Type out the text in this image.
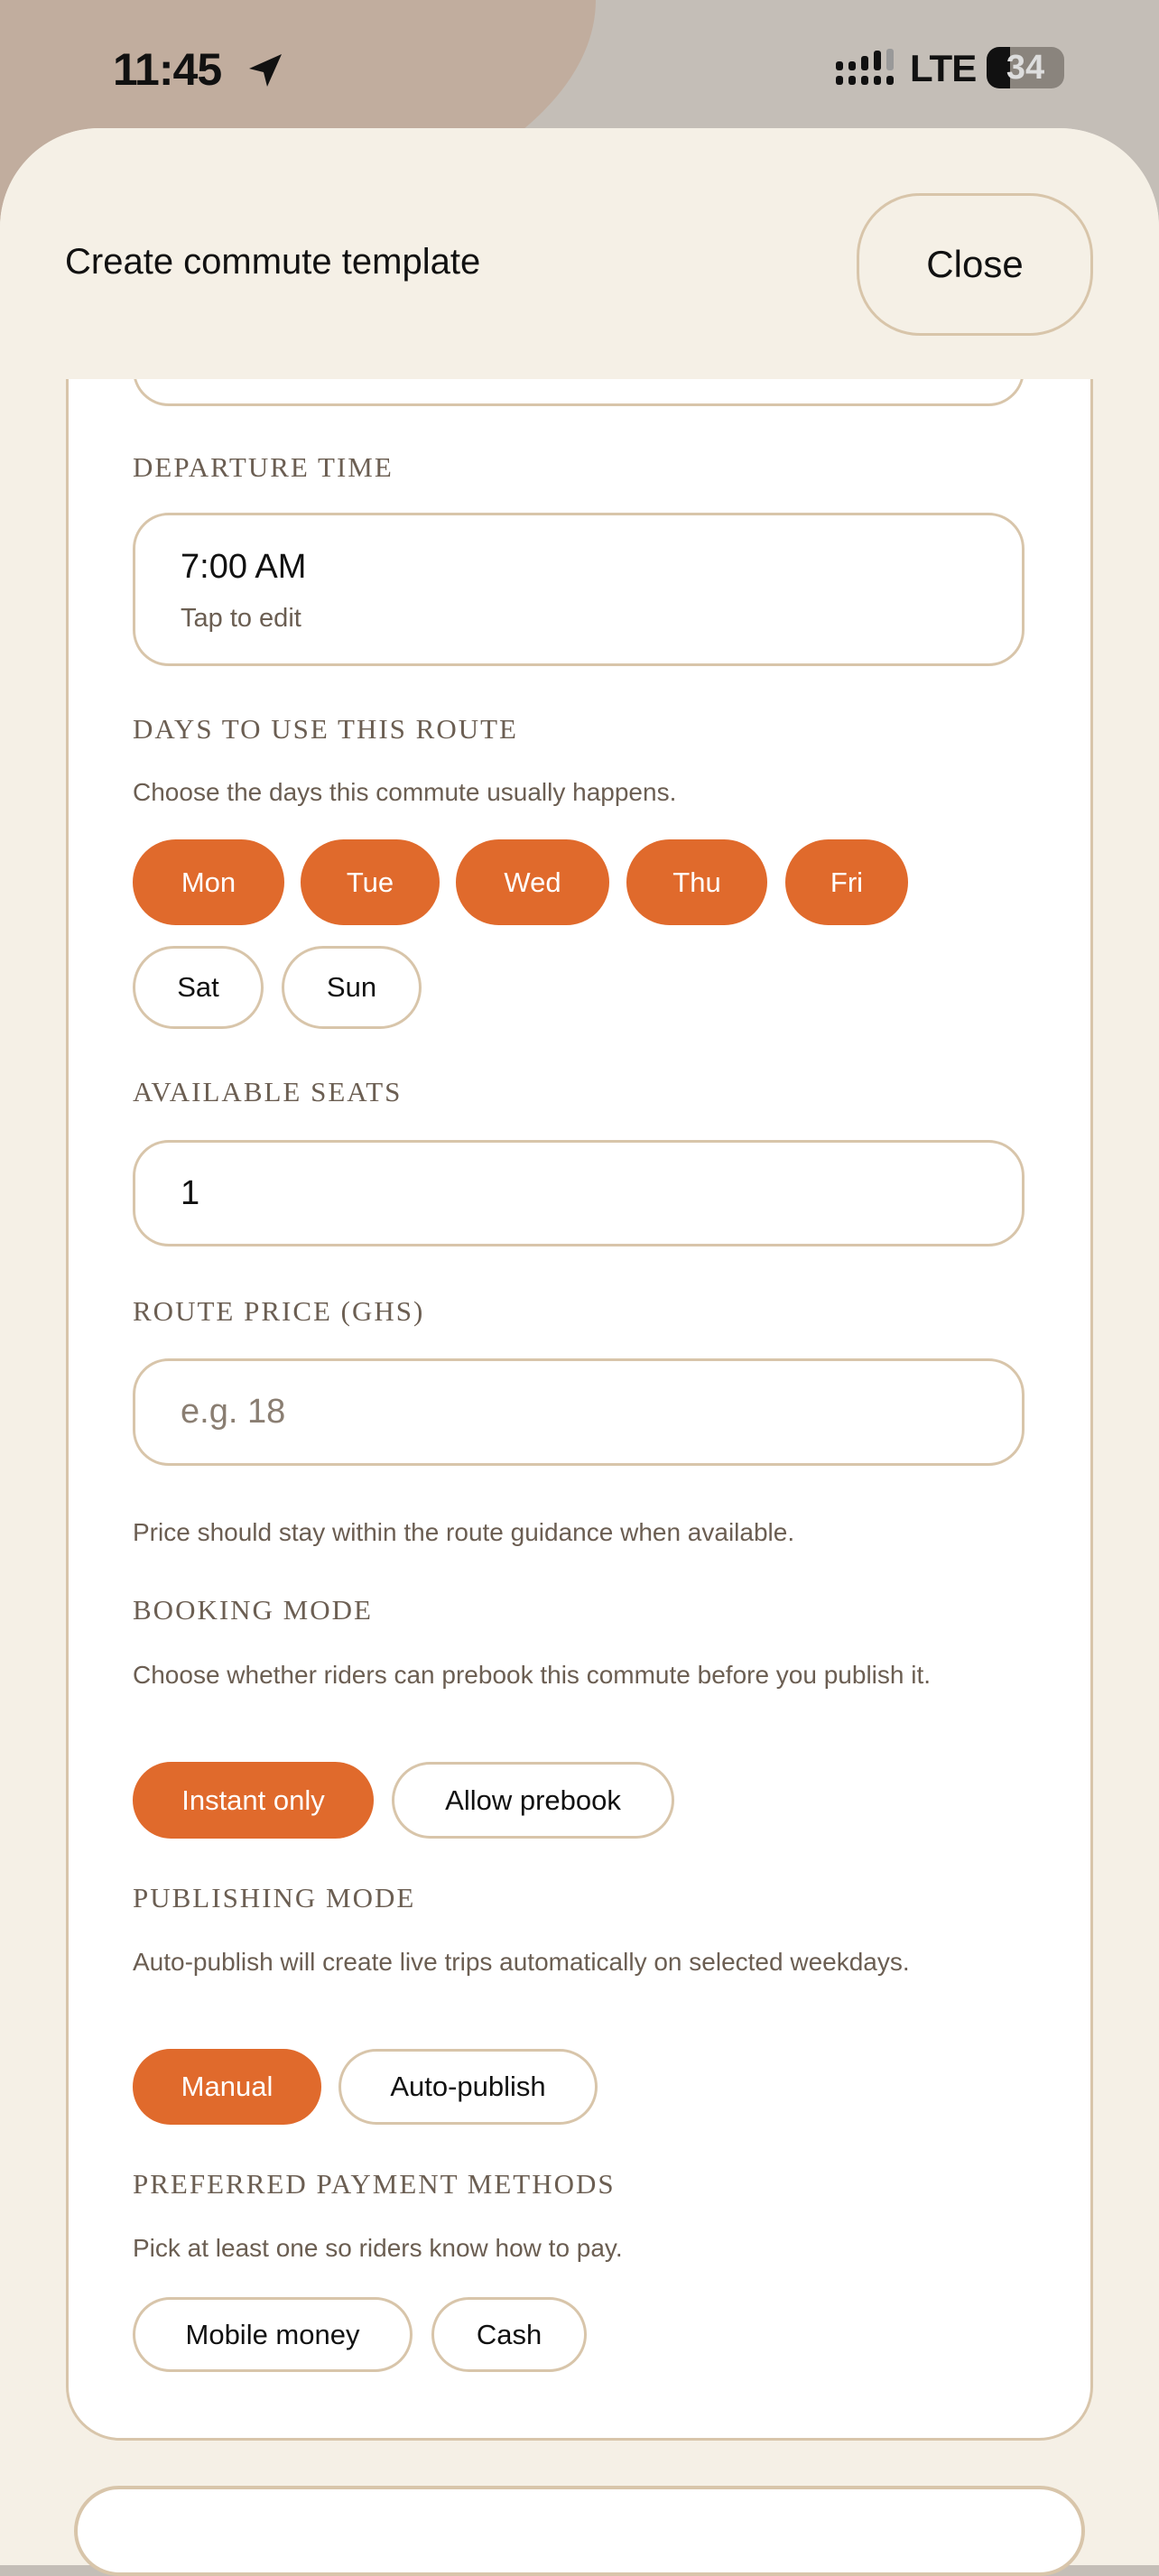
11:45	LTE 34
Create commute template	Close
DEPARTURE TIME
7:00 AM
Tap to edit
DAYS TO USE THIS ROUTE
Choose the days this commute usually happens.
Mon	Tue	Wed	Thu	Fri
Sat	Sun
AVAILABLE SEATS
1
ROUTE PRICE (GHS)
e.g. 18
Price should stay within the route guidance when available.
BOOKING MODE
Choose whether riders can prebook this commute before you publish it.
Instant only	Allow prebook
PUBLISHING MODE
Auto-publish will create live trips automatically on selected weekdays.
Manual	Auto-publish
PREFERRED PAYMENT METHODS
Pick at least one so riders know how to pay.
Mobile money	Cash
